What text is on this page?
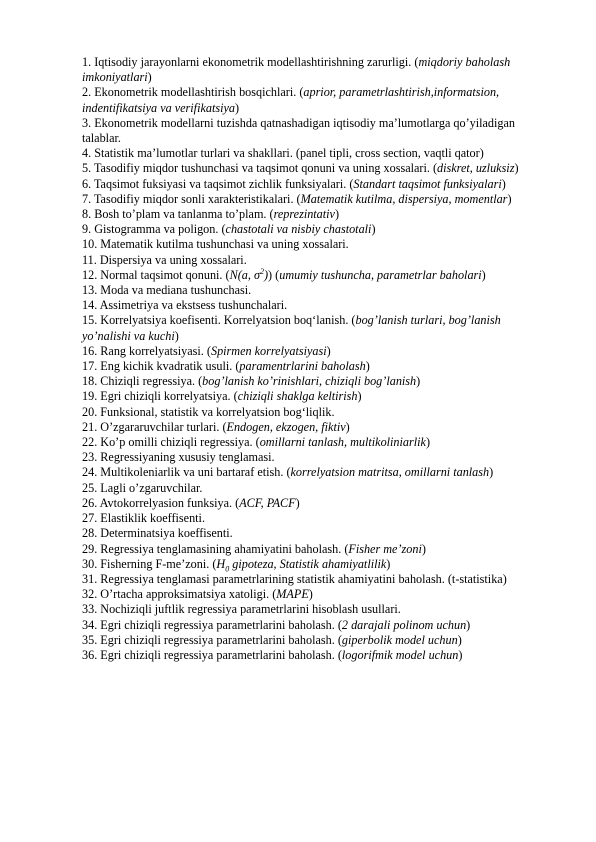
1. Iqtisodiy jarayonlarni ekonometrik modellashtirishning zarurligi. (miqdoriy baholash imkoniyatlari)
2. Ekonometrik modellashtirish bosqichlari. (aprior, parametrlashtirish,informatsion, indentifikatsiya va verifikatsiya)
3. Ekonometrik modellarni tuzishda qatnashadigan iqtisodiy ma’lumotlarga qo’yiladigan talablar.
4. Statistik ma’lumotlar turlari va shakllari. (panel tipli, cross section, vaqtli qator)
5. Tasodifiy miqdor tushunchasi va taqsimot qonuni va uning xossalari. (diskret, uzluksiz)
6. Taqsimot fuksiyasi va taqsimot zichlik funksiyalari. (Standart taqsimot funksiyalari)
7. Tasodifiy miqdor sonli xarakteristikalari. (Matematik kutilma, dispersiya, momentlar)
8. Bosh to’plam va tanlanma to’plam. (reprezintativ)
9. Gistogramma va poligon. (chastotali va nisbiy chastotali)
10. Matematik kutilma tushunchasi va uning xossalari.
11. Dispersiya va uning xossalari.
12. Normal taqsimot qonuni. (N(a, $\sigma^2$)) (umumiy tushuncha, parametrlar baholari)
13. Moda va mediana tushunchasi.
14. Assimetriya va ekstsess tushunchalari.
15. Korrelyatsiya koefisenti. Korrelyatsion boq‘lanish. (bog’lanish turlari, bog’lanish yo’nalishi va kuchi)
16. Rang korrelyatsiyasi. (Spirmen korrelyatsiyasi)
17. Eng kichik kvadratik usuli. (paramentrlarini baholash)
18. Chiziqli regressiya. (bog’lanish ko’rinishlari, chiziqli bog’lanish)
19. Egri chiziqli korrelyatsiya. (chiziqli shaklga keltirish)
20. Funksional, statistik va korrelyatsion bog‘liqlik.
21. O’zgararuvchilar turlari. (Endogen, ekzogen, fiktiv)
22. Ko’p omilli chiziqli regressiya. (omillarni tanlash, multikoliniarlik)
23. Regressiyaning xususiy tenglamasi.
24. Multikoleniarlik va uni bartaraf etish. (korrelyatsion matritsa, omillarni tanlash)
25. Lagli o’zgaruvchilar.
26. Avtokorrelyasion funksiya. (ACF, PACF)
27. Elastiklik koeffisenti.
28. Determinatsiya koeffisenti.
29. Regressiya tenglamasining ahamiyatini baholash. (Fisher me’zoni)
30. Fisherning F-me’zoni. ($H_0$ gipoteza, Statistik ahamiyatlilik)
31. Regressiya tenglamasi parametrlarining statistik ahamiyatini baholash. (t-statistika)
32. O’rtacha approksimatsiya xatoligi. (MAPE)
33. Nochiziqli juftlik regressiya parametrlarini hisoblash usullari.
34. Egri chiziqli regressiya parametrlarini baholash. (2 darajali polinom uchun)
35. Egri chiziqli regressiya parametrlarini baholash. (giperbolik model uchun)
36. Egri chiziqli regressiya parametrlarini baholash. (logorifmik model uchun)
